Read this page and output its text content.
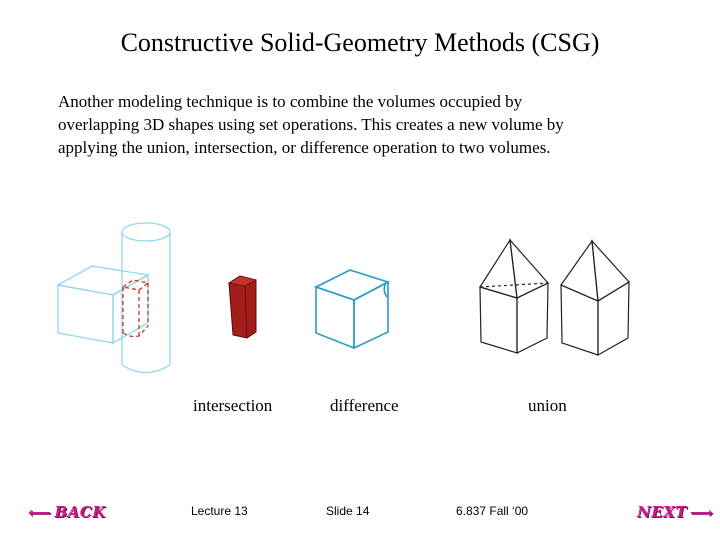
Constructive Solid-Geometry Methods (CSG)
Another modeling technique is to combine the volumes occupied by
overlapping 3D shapes using set operations. This creates a new volume by
applying the union, intersection, or difference operation to two volumes.
intersection	difference	union
Lecture 13	Slide 14	6.837 Fall ‘00
⟵ BACK	NEXT ⟶
